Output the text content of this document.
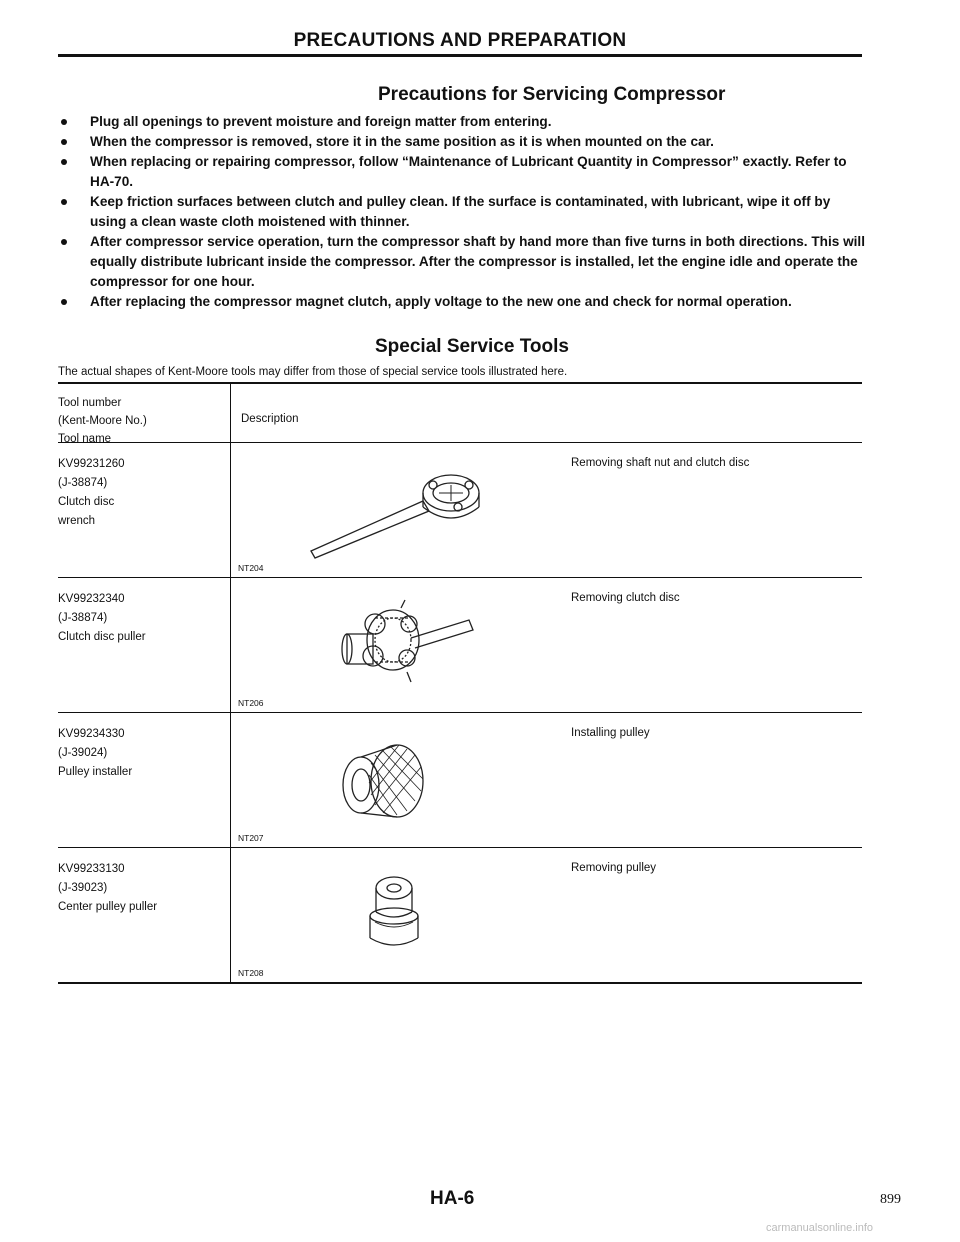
PRECAUTIONS AND PREPARATION
Precautions for Servicing Compressor
Plug all openings to prevent moisture and foreign matter from entering.
When the compressor is removed, store it in the same position as it is when mounted on the car.
When replacing or repairing compressor, follow “Maintenance of Lubricant Quantity in Compressor” exactly. Refer to HA-70.
Keep friction surfaces between clutch and pulley clean. If the surface is contaminated, with lubricant, wipe it off by using a clean waste cloth moistened with thinner.
After compressor service operation, turn the compressor shaft by hand more than five turns in both directions. This will equally distribute lubricant inside the compressor. After the compressor is installed, let the engine idle and operate the compressor for one hour.
After replacing the compressor magnet clutch, apply voltage to the new one and check for normal operation.
Special Service Tools
The actual shapes of Kent-Moore tools may differ from those of special service tools illustrated here.
Tool number
(Kent-Moore No.)
Tool name
Description
KV99231260
(J-38874)
Clutch disc
wrench
Removing shaft nut and clutch disc
NT204
KV99232340
(J-38874)
Clutch disc puller
Removing clutch disc
NT206
KV99234330
(J-39024)
Pulley installer
Installing pulley
NT207
KV99233130
(J-39023)
Center pulley puller
Removing pulley
NT208
HA-6	899
carmanualsonline.info
